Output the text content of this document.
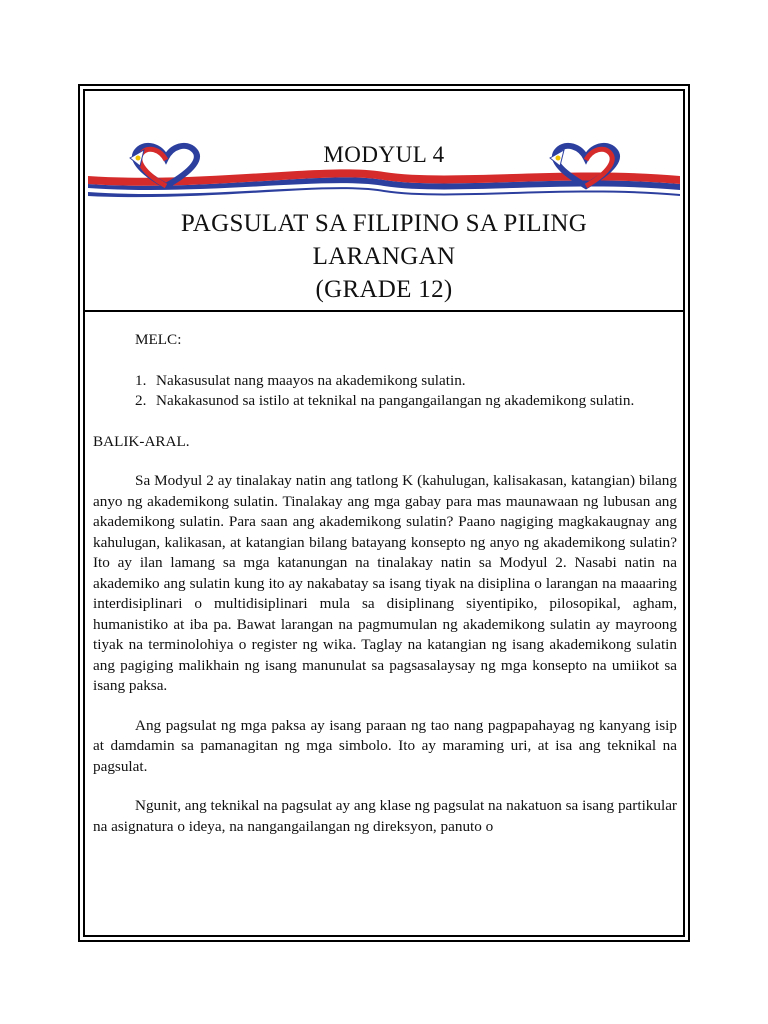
MODYUL 4
PAGSULAT SA FILIPINO SA PILING
LARANGAN
(GRADE 12)
MELC:
1. Nakasusulat nang maayos na akademikong sulatin.
2. Nakakasunod sa istilo at teknikal na pangangailangan ng akademikong sulatin.
BALIK-ARAL.

Sa Modyul 2 ay tinalakay natin ang tatlong K (kahulugan, kalisakasan, katangian) bilang anyo ng akademikong sulatin. Tinalakay ang mga gabay para mas maunawaan ng lubusan ang akademikong sulatin. Para saan ang akademikong sulatin? Paano nagiging magkakaugnay ang kahulugan, kalikasan, at katangian bilang batayang konsepto ng anyo ng akademikong sulatin? Ito ay ilan lamang sa mga katanungan na tinalakay natin sa Modyul 2. Nasabi natin na akademiko ang sulatin kung ito ay nakabatay sa isang tiyak na disiplina o larangan na maaaring interdisiplinari o multidisiplinari mula sa disiplinang siyentipiko, pilosopikal, agham, humanistiko at iba pa. Bawat larangan na pagmumulan ng akademikong sulatin ay mayroong tiyak na terminolohiya o register ng wika. Taglay na katangian ng isang akademikong sulatin ang pagiging malikhain ng isang manunulat sa pagsasalaysay ng mga konsepto na umiikot sa isang paksa.

Ang pagsulat ng mga paksa ay isang paraan ng tao nang pagpapahayag ng kanyang isip at damdamin sa pamanagitan ng mga simbolo. Ito ay maraming uri, at isa ang teknikal na pagsulat.

Ngunit, ang teknikal na pagsulat ay ang klase ng pagsulat na nakatuon sa isang partikular na asignatura o ideya, na nangangailangan ng direksyon, panuto o
